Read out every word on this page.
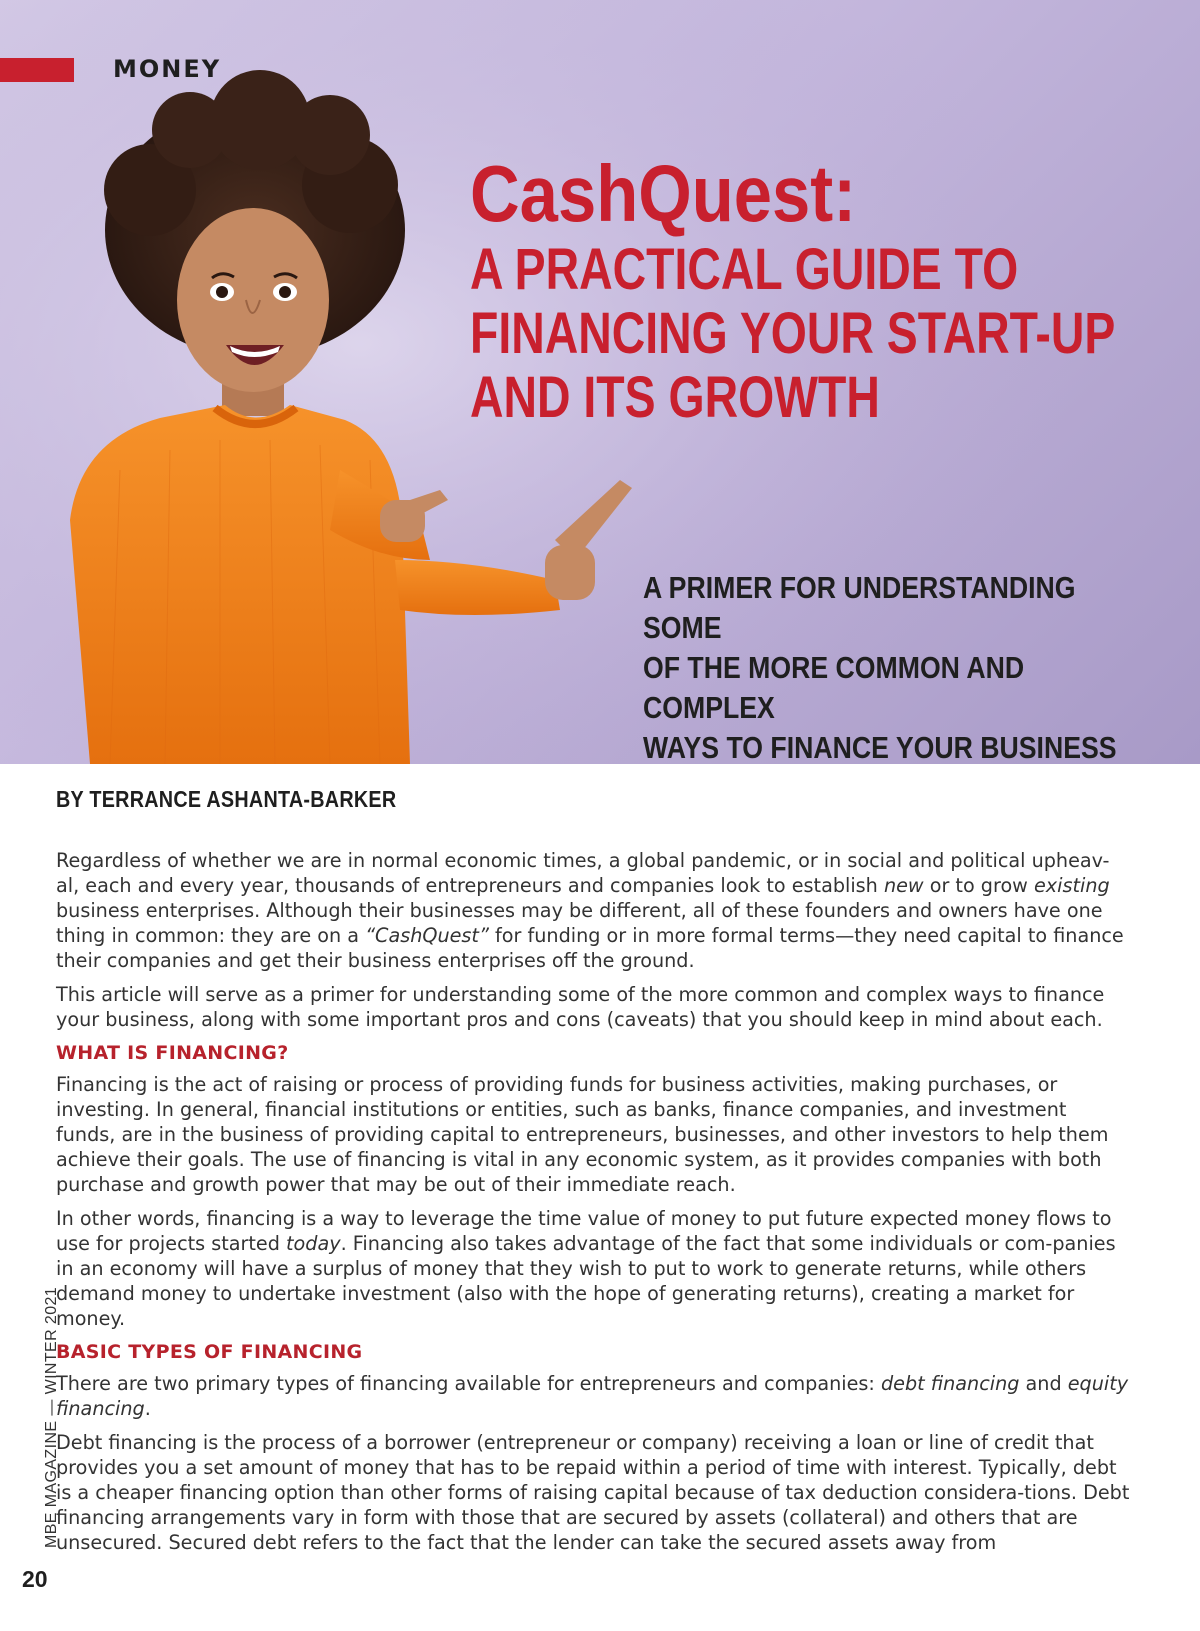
MONEY
CashQuest:
A PRACTICAL GUIDE TO
FINANCING YOUR START-UP
AND ITS GROWTH
A PRIMER FOR UNDERSTANDING SOME
OF THE MORE COMMON AND COMPLEX
WAYS TO FINANCE YOUR BUSINESS
BY TERRANCE ASHANTA-BARKER

Regardless of whether we are in normal economic times, a global pandemic, or in social and political upheav-al, each and every year, thousands of entrepreneurs and companies look to establish new or to grow existing business enterprises. Although their businesses may be different, all of these founders and owners have one thing in common: they are on a “CashQuest” for funding or in more formal terms—they need capital to finance their companies and get their business enterprises off the ground.

This article will serve as a primer for understanding some of the more common and complex ways to finance your business, along with some important pros and cons (caveats) that you should keep in mind about each.

WHAT IS FINANCING?

Financing is the act of raising or process of providing funds for business activities, making purchases, or investing. In general, financial institutions or entities, such as banks, finance companies, and investment funds, are in the business of providing capital to entrepreneurs, businesses, and other investors to help them achieve their goals. The use of financing is vital in any economic system, as it provides companies with both purchase and growth power that may be out of their immediate reach.

In other words, financing is a way to leverage the time value of money to put future expected money flows to use for projects started today. Financing also takes advantage of the fact that some individuals or com-panies in an economy will have a surplus of money that they wish to put to work to generate returns, while others demand money to undertake investment (also with the hope of generating returns), creating a market for money.

BASIC TYPES OF FINANCING

There are two primary types of financing available for entrepreneurs and companies: debt financing and equity financing.

Debt financing is the process of a borrower (entrepreneur or company) receiving a loan or line of credit that provides you a set amount of money that has to be repaid within a period of time with interest. Typically, debt is a cheaper financing option than other forms of raising capital because of tax deduction considera-tions. Debt financing arrangements vary in form with those that are secured by assets (collateral) and others that are unsecured. Secured debt refers to the fact that the lender can take the secured assets away from

MBE MAGAZINE — WINTER 2021
20
